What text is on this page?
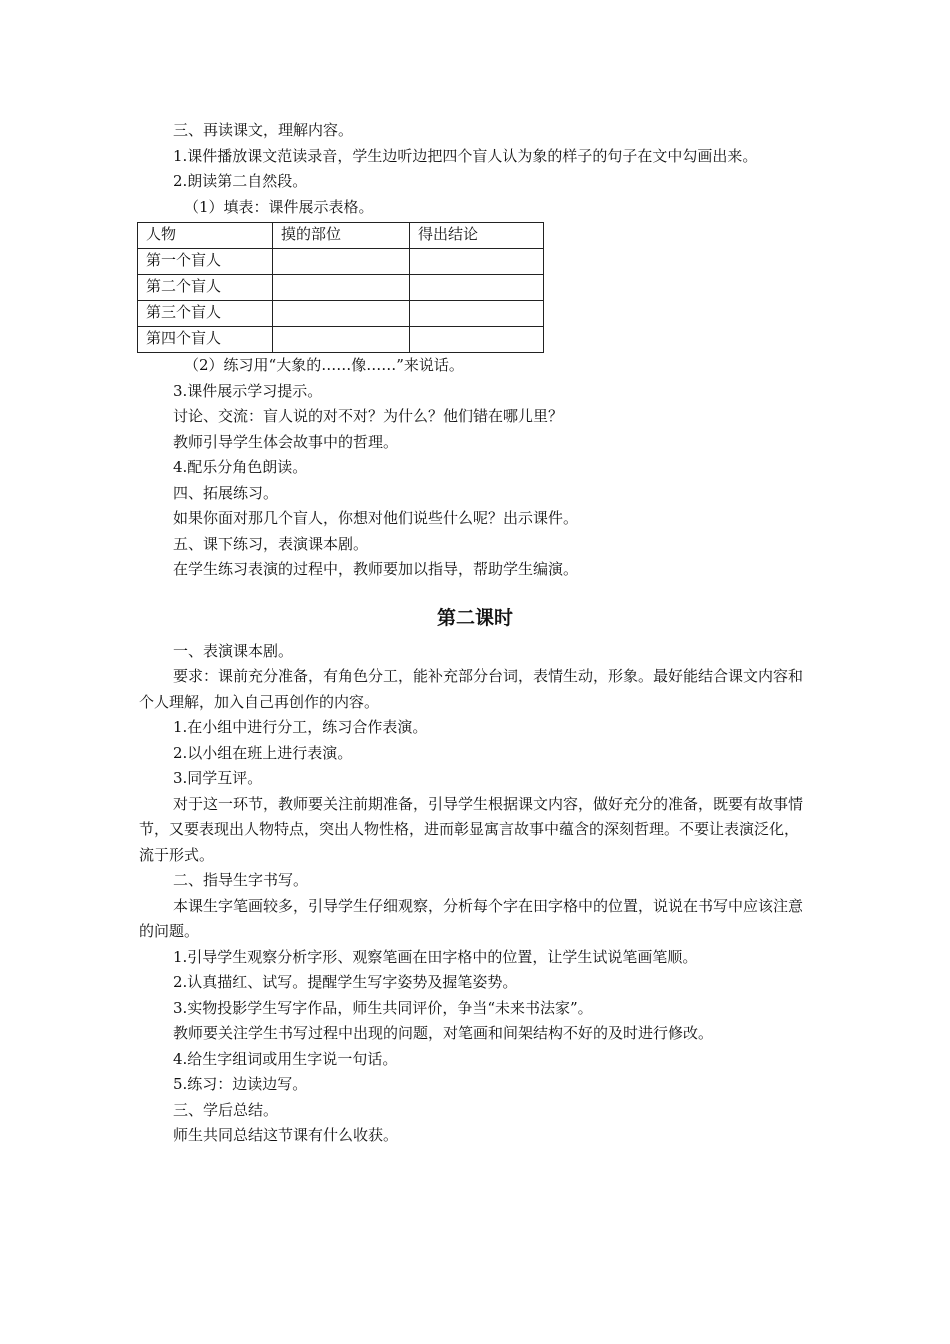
三、再读课文，理解内容。

1.课件播放课文范读录音，学生边听边把四个盲人认为象的样子的句子在文中勾画出来。

2.朗读第二自然段。

（1）填表：课件展示表格。

人物	摸的部位	得出结论
第一个盲人		
第二个盲人		
第三个盲人		
第四个盲人		

（2）练习用“大象的……像……”来说话。

3.课件展示学习提示。

讨论、交流：盲人说的对不对？为什么？他们错在哪儿里？

教师引导学生体会故事中的哲理。

4.配乐分角色朗读。

四、拓展练习。

如果你面对那几个盲人，你想对他们说些什么呢？出示课件。

五、课下练习，表演课本剧。

在学生练习表演的过程中，教师要加以指导，帮助学生编演。

第二课时

一、表演课本剧。

要求：课前充分准备，有角色分工，能补充部分台词，表情生动，形象。最好能结合课文内容和个人理解，加入自己再创作的内容。

1.在小组中进行分工，练习合作表演。

2.以小组在班上进行表演。

3.同学互评。

对于这一环节，教师要关注前期准备，引导学生根据课文内容，做好充分的准备，既要有故事情节，又要表现出人物特点，突出人物性格，进而彰显寓言故事中蕴含的深刻哲理。不要让表演泛化，流于形式。

二、指导生字书写。

本课生字笔画较多，引导学生仔细观察，分析每个字在田字格中的位置，说说在书写中应该注意的问题。

1.引导学生观察分析字形、观察笔画在田字格中的位置，让学生试说笔画笔顺。

2.认真描红、试写。提醒学生写字姿势及握笔姿势。

3.实物投影学生写字作品，师生共同评价，争当“未来书法家”。

教师要关注学生书写过程中出现的问题，对笔画和间架结构不好的及时进行修改。

4.给生字组词或用生字说一句话。

5.练习：边读边写。

三、学后总结。

师生共同总结这节课有什么收获。
